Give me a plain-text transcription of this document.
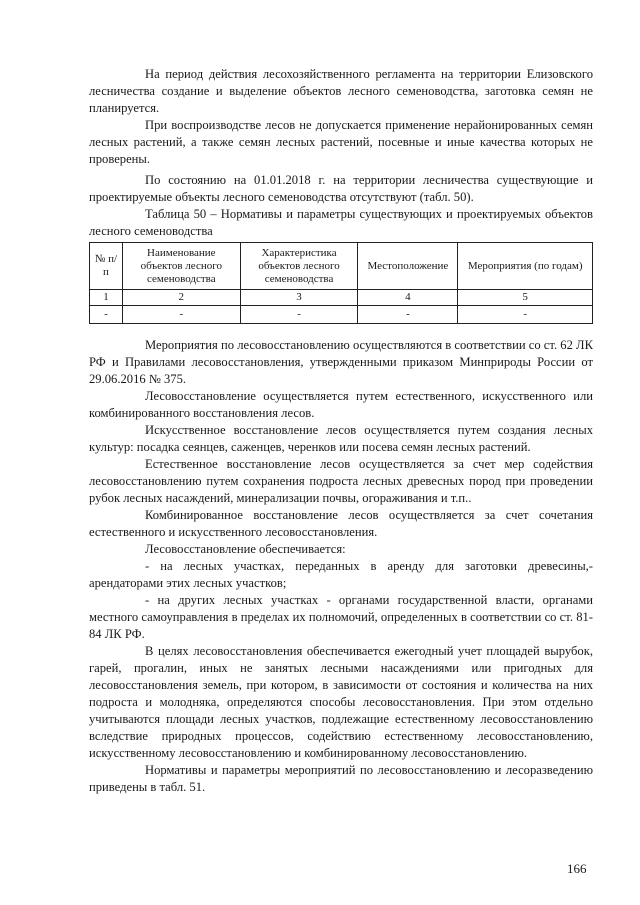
На период действия лесохозяйственного регламента на территории Елизовского лесничества создание и выделение объектов лесного семеноводства, заготовка семян не планируется.

При воспроизводстве лесов не допускается применение нерайонированных семян лесных растений, а также семян лесных растений, посевные и иные качества которых не проверены.

По состоянию на 01.01.2018 г. на территории лесничества существующие и проектируемые объекты лесного семеноводства отсутствуют (табл. 50).

Таблица 50 – Нормативы и параметры существующих и проектируемых объектов лесного семеноводства

№ п/п	Наименование объектов лесного семеноводства	Характеристика объектов лесного семеноводства	Местоположение	Мероприятия (по годам)
1	2	3	4	5
-	-	-	-	-

Мероприятия по лесовосстановлению осуществляются в соответствии со ст. 62 ЛК РФ и Правилами лесовосстановления, утвержденными приказом Минприроды России от 29.06.2016 № 375.

Лесовосстановление осуществляется путем естественного, искусственного или комбинированного восстановления лесов.

Искусственное восстановление лесов осуществляется путем создания лесных культур: посадка сеянцев, саженцев, черенков или посева семян лесных растений.

Естественное восстановление лесов осуществляется за счет мер содействия лесовосстановлению путем сохранения подроста лесных древесных пород при проведении рубок лесных насаждений, минерализации почвы, огораживания и т.п..

Комбинированное восстановление лесов осуществляется за счет сочетания естественного и искусственного лесовосстановления.

Лесовосстановление обеспечивается:

- на лесных участках, переданных в аренду для заготовки древесины,- арендаторами этих лесных участков;

- на других лесных участках - органами государственной власти, органами местного самоуправления в пределах их полномочий, определенных в соответствии со ст. 81-84 ЛК РФ.

В целях лесовосстановления обеспечивается ежегодный учет площадей вырубок, гарей, прогалин, иных не занятых лесными насаждениями или пригодных для лесовосстановления земель, при котором, в зависимости от состояния и количества на них подроста и молодняка, определяются способы лесовосстановления. При этом отдельно учитываются площади лесных участков, подлежащие естественному лесовосстановлению вследствие природных процессов, содействию естественному лесовосстановлению, искусственному лесовосстановлению и комбинированному лесовосстановлению.

Нормативы и параметры мероприятий по лесовосстановлению и лесоразведению приведены в табл. 51.

166
